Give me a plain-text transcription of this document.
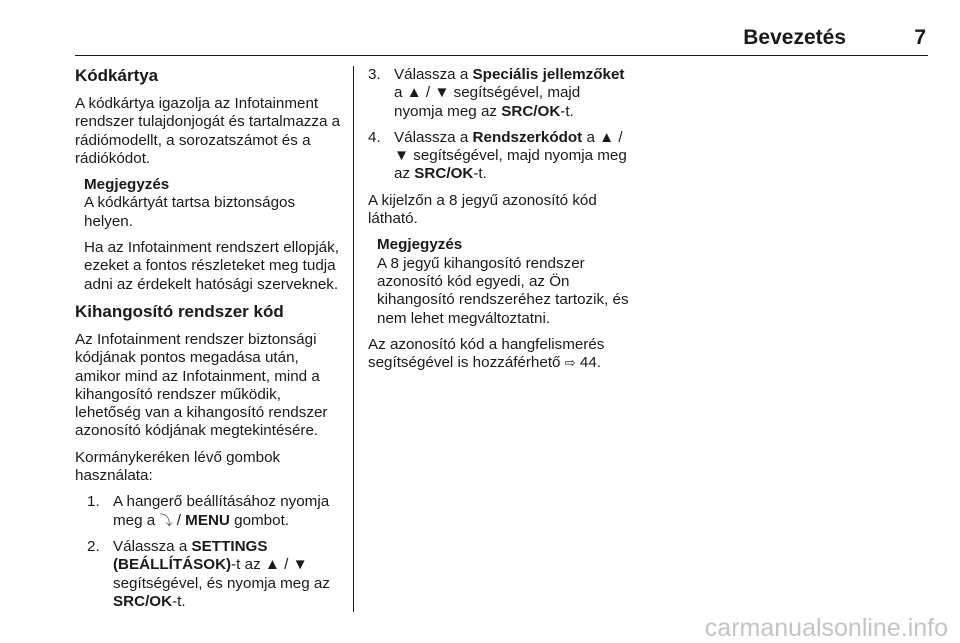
Bevezetés	7
Kódkártya

A kódkártya igazolja az Infotainment rendszer tulajdonjogát és tartalmazza a rádiómodellt, a sorozatszámot és a rádiókódot.

Megjegyzés

A kódkártyát tartsa biztonságos helyen.

Ha az Infotainment rendszert ellopják, ezeket a fontos részleteket meg tudja adni az érdekelt hatósági szerveknek.

Kihangosító rendszer kód

Az Infotainment rendszer biztonsági kódjának pontos megadása után, amikor mind az Infotainment, mind a kihangosító rendszer működik, lehetőség van a kihangosító rendszer azonosító kódjának megtekintésére.

Kormánykeréken lévő gombok használata:

1. A hangerő beállításához nyomja meg a ⤵ / MENU gombot.
2. Válassza a SETTINGS (BEÁLLÍTÁSOK)-t az ▲ / ▼ segítségével, és nyomja meg az SRC/OK-t.
3. Válassza a Speciális jellemzőket a ▲ / ▼ segítségével, majd nyomja meg az SRC/OK-t.
4. Válassza a Rendszerkódot a ▲ / ▼ segítségével, majd nyomja meg az SRC/OK-t.

A kijelzőn a 8 jegyű azonosító kód látható.

Megjegyzés

A 8 jegyű kihangosító rendszer azonosító kód egyedi, az Ön kihangosító rendszeréhez tartozik, és nem lehet megváltoztatni.

Az azonosító kód a hangfelismerés segítségével is hozzáférhető ⇨ 44.

carmanualsonline.info
